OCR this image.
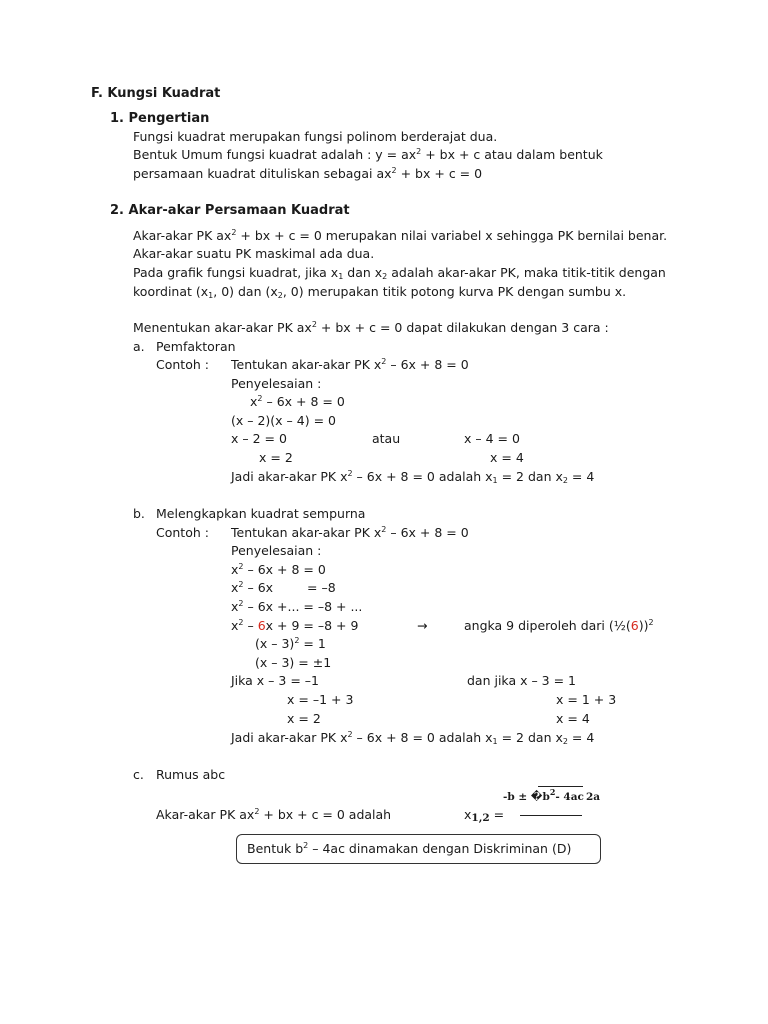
F. Kungsi Kuadrat
1. Pengertian
Fungsi kuadrat merupakan fungsi polinom berderajat dua.
Bentuk Umum fungsi kuadrat adalah : $y = ax^2$ + bx + c atau dalam bentuk
persamaan kuadrat dituliskan sebagai $ax^2$ + bx + c = 0
2. Akar-akar Persamaan Kuadrat
Akar-akar PK $ax^2$ + bx + c = 0 merupakan nilai variabel x sehingga PK bernilai benar.
Akar-akar suatu PK maskimal ada dua.
Pada grafik fungsi kuadrat, jika $x_1$ dan $x_2$ adalah akar-akar PK, maka titik-titik dengan
koordinat ($x_1$, 0) dan ($x_2$, 0) merupakan titik potong kurva PK dengan sumbu x.
Menentukan akar-akar PK $ax^2$ + bx + c = 0 dapat dilakukan dengan 3 cara :
a. Pemfaktoran
Contoh : Tentukan akar-akar PK $x^2 - 6x + 8 = 0$
Penyelesaian :
$x^2 - 6x + 8 = 0$
(x – 2)(x – 4) = 0
x – 2 = 0	atau	x – 4 = 0
x = 2	x = 4
Jadi akar-akar PK $x^2 - 6x + 8 = 0$ adalah $x_1 = 2$ dan $x_2 = 4$
b. Melengkapkan kuadrat sempurna
Contoh : Tentukan akar-akar PK $x^2 - 6x + 8 = 0$
Penyelesaian :
$x^2 - 6x + 8 = 0$
$x^2 - 6x$	= –8
$x^2 - 6x$ +... = –8 + ...
$x^2 - 6x + 9 = -8 + 9$	→	angka 9 diperoleh dari (½(6))$^2$
(x – 3)$^2$ = 1
(x – 3) = ±1
Jika x – 3 = –1	dan jika x – 3 = 1
x = –1 + 3	x = 1 + 3
x = 2	x = 4
Jadi akar-akar PK $x^2 - 6x + 8 = 0$ adalah $x_1 = 2$ dan $x_2 = 4$
c. Rumus abc
$-b \pm �b^2-$ 4ac 2a
Akar-akar PK $ax^2$ + bx + c = 0 adalah	x1,2 =
Bentuk $b^2 - 4ac$ dinamakan dengan Diskriminan (D)
